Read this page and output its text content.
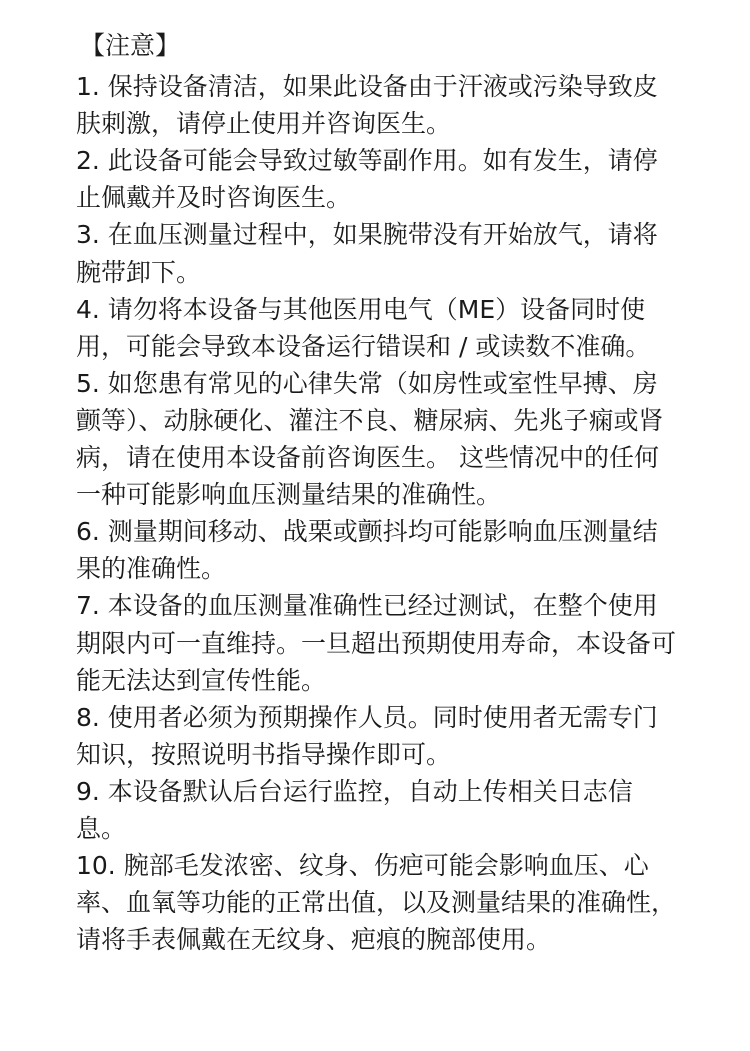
【注意】
1. 保持设备清洁，如果此设备由于汗液或污染导致皮肤刺激，请停止使用并咨询医生。
2. 此设备可能会导致过敏等副作用。如有发生，请停止佩戴并及时咨询医生。
3. 在血压测量过程中，如果腕带没有开始放气，请将腕带卸下。
4. 请勿将本设备与其他医用电气（ME）设备同时使用，可能会导致本设备运行错误和 / 或读数不准确。
5. 如您患有常见的心律失常（如房性或室性早搏、房颤等）、动脉硬化、灌注不良、糖尿病、先兆子痫或肾病，请在使用本设备前咨询医生。 这些情况中的任何一种可能影响血压测量结果的准确性。
6. 测量期间移动、战栗或颤抖均可能影响血压测量结果的准确性。
7. 本设备的血压测量准确性已经过测试，在整个使用期限内可一直维持。一旦超出预期使用寿命，本设备可能无法达到宣传性能。
8. 使用者必须为预期操作人员。同时使用者无需专门知识，按照说明书指导操作即可。
9. 本设备默认后台运行监控，自动上传相关日志信息。
10. 腕部毛发浓密、纹身、伤疤可能会影响血压、心率、血氧等功能的正常出值，以及测量结果的准确性，请将手表佩戴在无纹身、疤痕的腕部使用。
